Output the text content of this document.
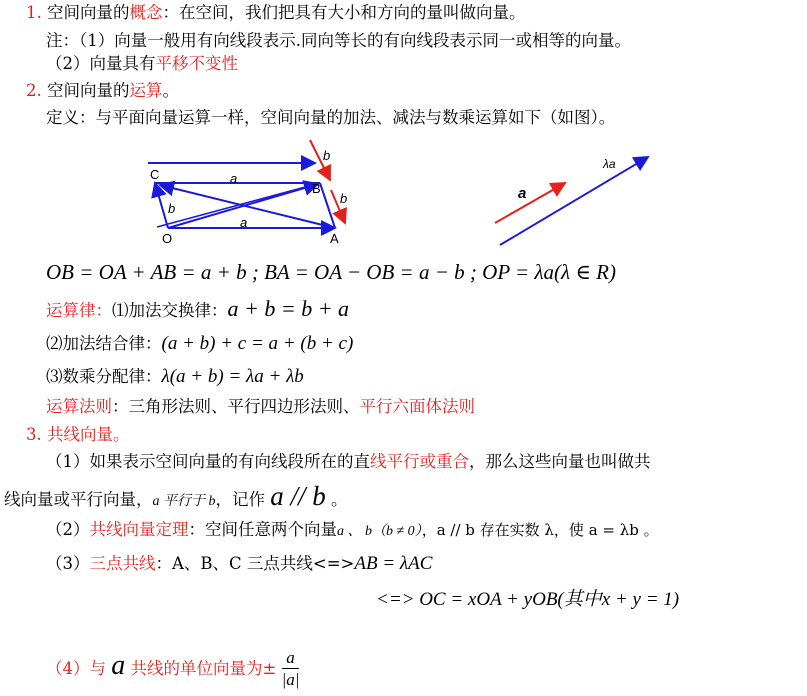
1. 空间向量的概念：在空间，我们把具有大小和方向的量叫做向量。
注：（1）向量一般用有向线段表示.同向等长的有向线段表示同一或相等的向量。
（2）向量具有平移不变性
2. 空间向量的运算。
定义：与平面向量运算一样，空间向量的加法、减法与数乘运算如下（如图）。
C
B
O	A
a
a
b
b
b	a
λa
OB = OA + AB = a + b ; BA = OA − OB = a − b ; OP = λa(λ ∈ R)
运算律：⑴加法交换律：a + b = b + a
⑵加法结合律：(a + b) + c = a + (b + c)
⑶数乘分配律：λ(a + b) = λa + λb
运算法则：三角形法则、平行四边形法则、平行六面体法则
3. 共线向量。
（1）如果表示空间向量的有向线段所在的直线平行或重合，那么这些向量也叫做共
线向量或平行向量，a 平行于 b，记作 a // b 。
（2）共线向量定理：空间任意两个向量a 、 b（b ≠ 0），a // b 存在实数 λ，使 a = λb 。
（3）三点共线：A、B、C 三点共线<=>AB = λAC
<=> OC = xOA + yOB(其中x + y = 1)
（4）与 a 共线的单位向量为± $\frac{a}{|a|}$
